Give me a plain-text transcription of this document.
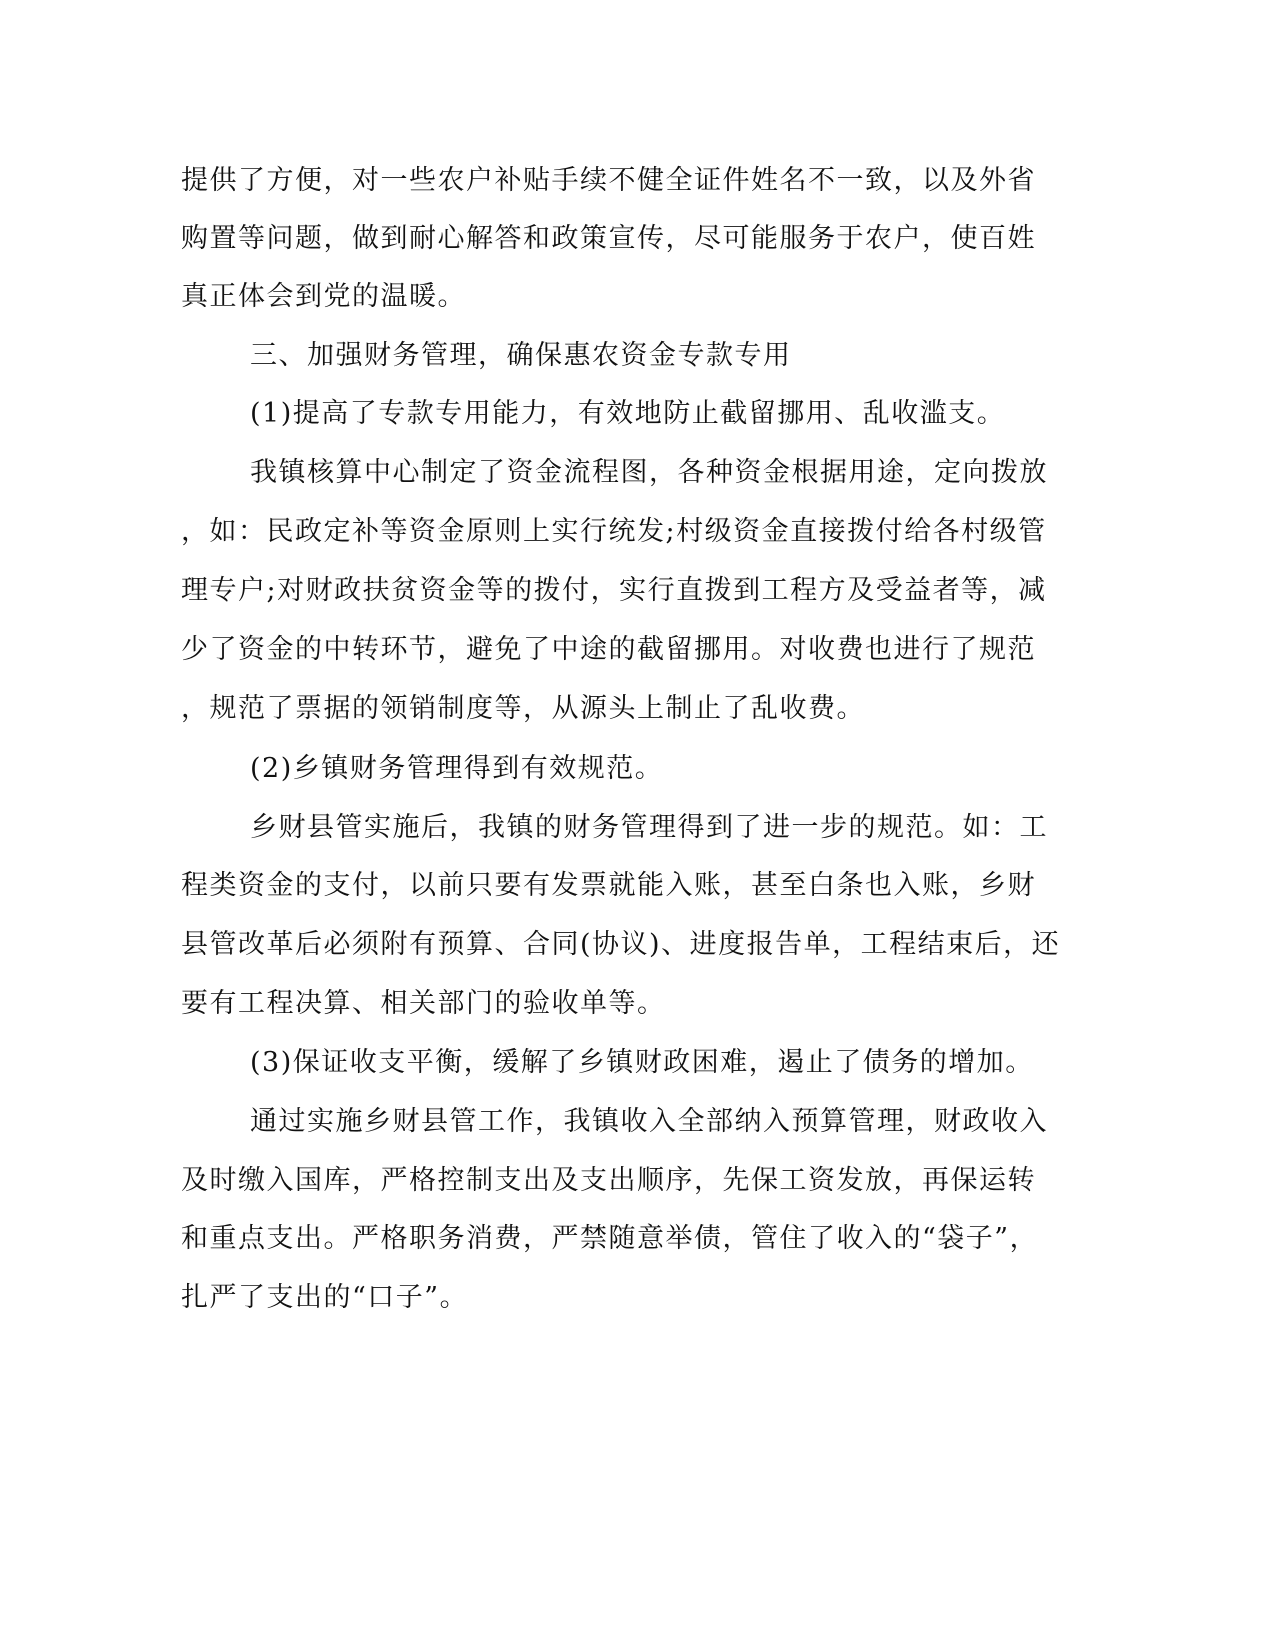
提供了方便，对一些农户补贴手续不健全证件姓名不一致，以及外省
购置等问题，做到耐心解答和政策宣传，尽可能服务于农户，使百姓
真正体会到党的温暖。
三、加强财务管理，确保惠农资金专款专用
(1)提高了专款专用能力，有效地防止截留挪用、乱收滥支。
我镇核算中心制定了资金流程图，各种资金根据用途，定向拨放
，如：民政定补等资金原则上实行统发;村级资金直接拨付给各村级管
理专户;对财政扶贫资金等的拨付，实行直拨到工程方及受益者等，减
少了资金的中转环节，避免了中途的截留挪用。对收费也进行了规范
，规范了票据的领销制度等，从源头上制止了乱收费。
(2)乡镇财务管理得到有效规范。
乡财县管实施后，我镇的财务管理得到了进一步的规范。如：工
程类资金的支付，以前只要有发票就能入账，甚至白条也入账，乡财
县管改革后必须附有预算、合同(协议)、进度报告单，工程结束后，还
要有工程决算、相关部门的验收单等。
(3)保证收支平衡，缓解了乡镇财政困难，遏止了债务的增加。
通过实施乡财县管工作，我镇收入全部纳入预算管理，财政收入
及时缴入国库，严格控制支出及支出顺序，先保工资发放，再保运转
和重点支出。严格职务消费，严禁随意举债，管住了收入的“袋子”，
扎严了支出的“口子”。
